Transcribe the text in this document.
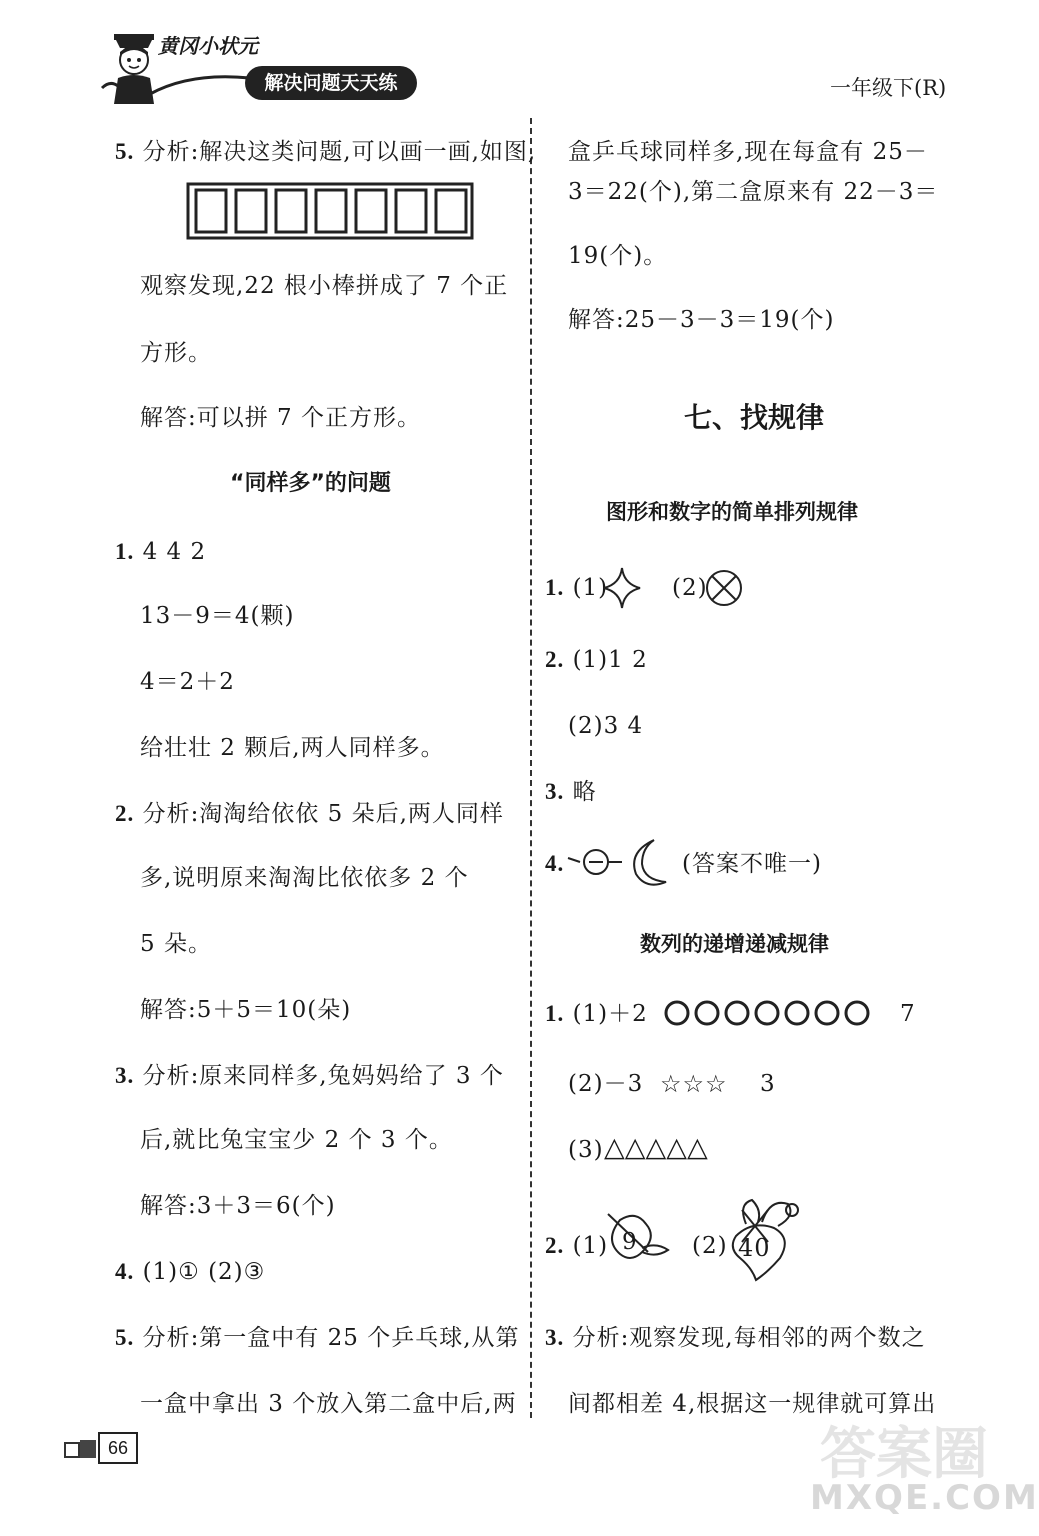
黄冈小状元
解决问题天天练	一年级下(R)
5. 分析:解决这类问题,可以画一画,如图,
观察发现,22 根小棒拼成了 7 个正
方形。
解答:可以拼 7 个正方形。
“同样多”的问题
1. 4 4 2
13－9＝4(颗)
4＝2＋2
给壮壮 2 颗后,两人同样多。
2. 分析:淘淘给依依 5 朵后,两人同样
多,说明原来淘淘比依依多 2 个
5 朵。
解答:5＋5＝10(朵)
3. 分析:原来同样多,兔妈妈给了 3 个
后,就比兔宝宝少 2 个 3 个。
解答:3＋3＝6(个)
4. (1)① (2)③
5. 分析:第一盒中有 25 个乒乓球,从第
一盒中拿出 3 个放入第二盒中后,两
盒乒乓球同样多,现在每盒有 25－
3＝22(个),第二盒原来有 22－3＝
19(个)。
解答:25－3－3＝19(个)
七、找规律
图形和数字的简单排列规律
1. (1)	(2)
2. (1)1 2
(2)3 4
3. 略
4.	(答案不唯一)
数列的递增递减规律
1. (1)＋2	7
(2)－3 ☆☆☆ 3
(3) △△△△△
2. (1) 9 (2) 40
3. 分析:观察发现,每相邻的两个数之
间都相差 4,根据这一规律就可算出
66	答案圈
MXQE.COM
